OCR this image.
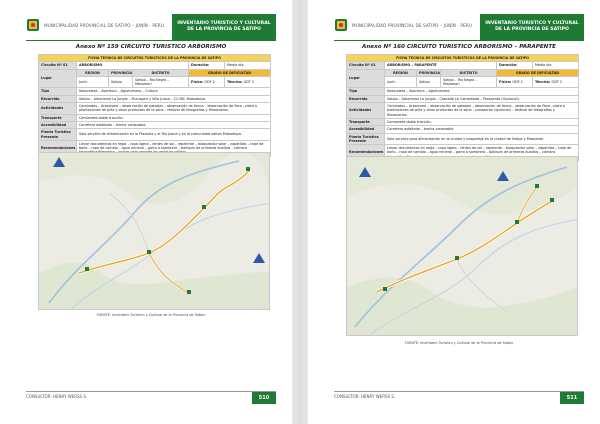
MUNICIPALIDAD PROVINCIAL DE SATIPO – JUNÍN - PERU	INVENTARIO TURISTICO Y CULTURAL
DE LA PROVINCIA DE SATIPO
Anexo Nº 159 CIRCUITO TURISTICO ARBORISMO
FICHA TECNICA DE CIRCUITOS TURISTICOS DE LA PROVINCIA DE SATIPO					
Circuito Nº 01	ARBORISMO			Duración:	Medio día
Lugar	REGION	PROVINCIA	DISTRITO	GRADO DE DIFICULTAD	
	Junín	Satipo	Satipo – Río Negro – Mazamari	Física: GDF 2	Técnica: GDT 2
Tipo	Naturaleza – Aventura – Agroturismo – Cultura				
Recorrido	Satipo – Arborismo La Jungla – Pucusgari y Villa Juana – CC.NN. Matsatsiya.				
Actividades	Caminatas – Arborismo – observación de paisajes – observación de fauna – observación de flora –visita a plantaciones de piña y otros productos de la zona – festival de fotografías y filmaciones.				
Transporte	Camioneta doble tracción.				
Accesibilidad	Carretera asfaltada – trocha carrozable.				
Planta Turística Presente	Solo servicio de alimentación en la Plazuela y el Río Juana y en la comunidad nativa Matsatsiya.				
Recomendaciones	Llevar documentos en regla – ropa ligera – lentes de sol – repelente – bloqueador solar – zapatillas – traje de baño – ropa de cambio – agua mineral – gorro o sombrero – botiquín de primeros auxilios – cámara				
FUENTE: Inventario Turístico y Cultural de la Provincia de Satipo
CONSULTOR: HENRY WERSS S.	510
MUNICIPALIDAD PROVINCIAL DE SATIPO – JUNÍN - PERU	INVENTARIO TURISTICO Y CULTURAL
DE LA PROVINCIA DE SATIPO
Anexo Nº 160 CIRCUITO TURISTICO ARBORISMO – PARAPENTE
FICHA TECNICA DE CIRCUITOS TURISTICOS DE LA PROVINCIA DE SATIPO					
Circuito Nº 01	ARBORISMO – PARAPENTE			Duración:	Medio día
Lugar	REGION	PROVINCIA	DISTRITO	GRADO DE DIFICULTAD	
	Junín	Satipo	Satipo – Río Negro – Mazamari	Física: GDF 2	Técnica: GDT 2
Tipo	Naturaleza – Aventura – Agroturismo.				
Recorrido	Satipo – Arborismo La Jungla – Cascada La Comediada – Parapente (Opcional).				
Actividades	Caminatas – Arborismo – observación de paisajes – observación de fauna – observación de flora –visita a plantaciones de piña y otros productos de la zona – parapente (opcional) – festival de fotografías y filmaciones.				
Transporte	Camioneta doble tracción.				
Accesibilidad	Carretera asfaltada – trocha carrozable.				
Planta Turística Presente	Solo servicio para alimentación en la ciudad y hospedaje en la ciudad de Satipo y Mazamari.				
Recomendaciones	Llevar documentos en regla – ropa ligera – lentes de sol – repelente – bloqueador solar – zapatillas – traje de baño – ropa de cambio – agua mineral – gorro o sombrero – botiquín de primeros auxilios – cámara				
FUENTE: Inventario Turístico y Cultural de la Provincia de Satipo
CONSULTOR: HENRY WERSS S.	511
